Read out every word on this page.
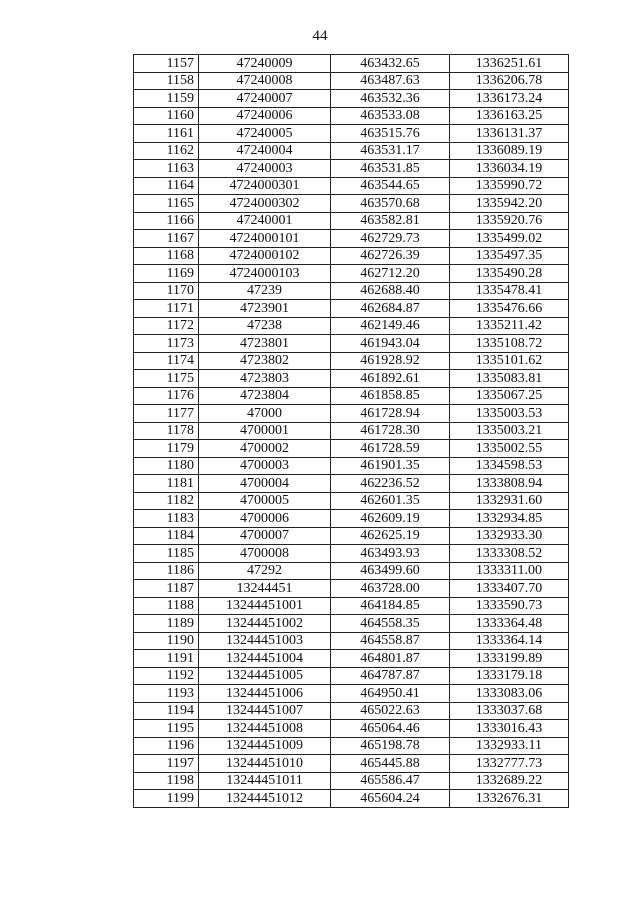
44
1157	47240009	463432.65	1336251.61
1158	47240008	463487.63	1336206.78
1159	47240007	463532.36	1336173.24
1160	47240006	463533.08	1336163.25
1161	47240005	463515.76	1336131.37
1162	47240004	463531.17	1336089.19
1163	47240003	463531.85	1336034.19
1164	4724000301	463544.65	1335990.72
1165	4724000302	463570.68	1335942.20
1166	47240001	463582.81	1335920.76
1167	4724000101	462729.73	1335499.02
1168	4724000102	462726.39	1335497.35
1169	4724000103	462712.20	1335490.28
1170	47239	462688.40	1335478.41
1171	4723901	462684.87	1335476.66
1172	47238	462149.46	1335211.42
1173	4723801	461943.04	1335108.72
1174	4723802	461928.92	1335101.62
1175	4723803	461892.61	1335083.81
1176	4723804	461858.85	1335067.25
1177	47000	461728.94	1335003.53
1178	4700001	461728.30	1335003.21
1179	4700002	461728.59	1335002.55
1180	4700003	461901.35	1334598.53
1181	4700004	462236.52	1333808.94
1182	4700005	462601.35	1332931.60
1183	4700006	462609.19	1332934.85
1184	4700007	462625.19	1332933.30
1185	4700008	463493.93	1333308.52
1186	47292	463499.60	1333311.00
1187	13244451	463728.00	1333407.70
1188	13244451001	464184.85	1333590.73
1189	13244451002	464558.35	1333364.48
1190	13244451003	464558.87	1333364.14
1191	13244451004	464801.87	1333199.89
1192	13244451005	464787.87	1333179.18
1193	13244451006	464950.41	1333083.06
1194	13244451007	465022.63	1333037.68
1195	13244451008	465064.46	1333016.43
1196	13244451009	465198.78	1332933.11
1197	13244451010	465445.88	1332777.73
1198	13244451011	465586.47	1332689.22
1199	13244451012	465604.24	1332676.31
